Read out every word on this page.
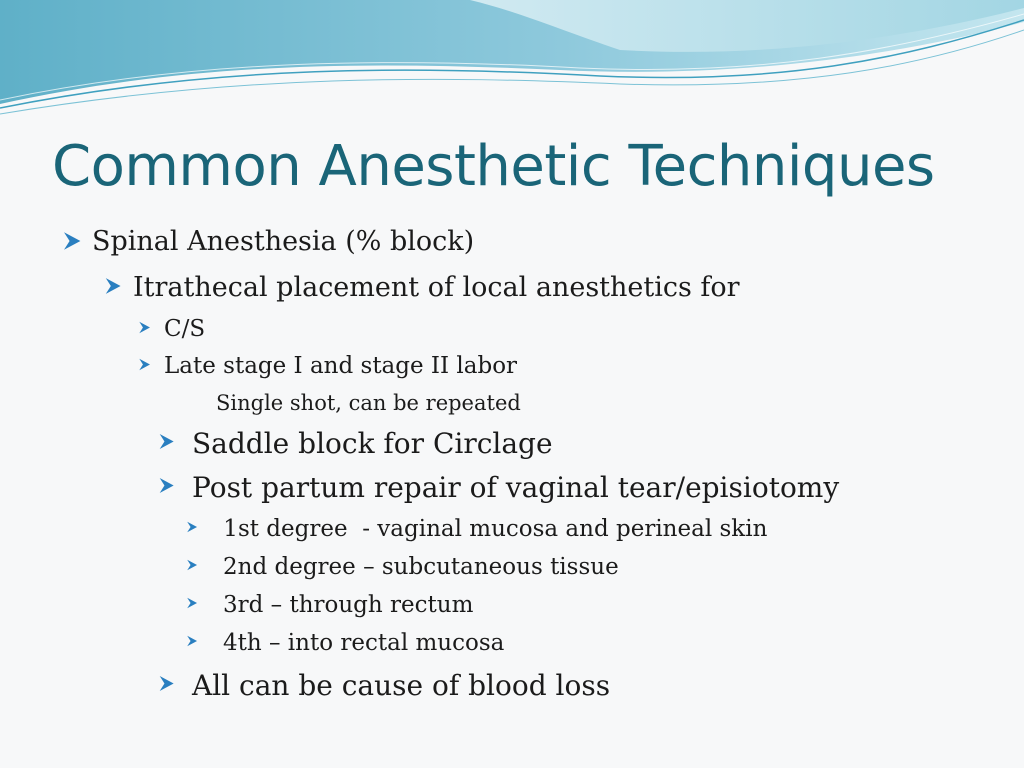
Common Anesthetic Techniques
Spinal Anesthesia (% block)
Itrathecal placement of local anesthetics for
C/S
Late stage I and stage II labor
Single shot, can be repeated
Saddle block for Circlage
Post partum repair of vaginal tear/episiotomy
1st degree  - vaginal mucosa and perineal skin
2nd degree – subcutaneous tissue
3rd – through rectum
4th – into rectal mucosa
All can be cause of blood loss
